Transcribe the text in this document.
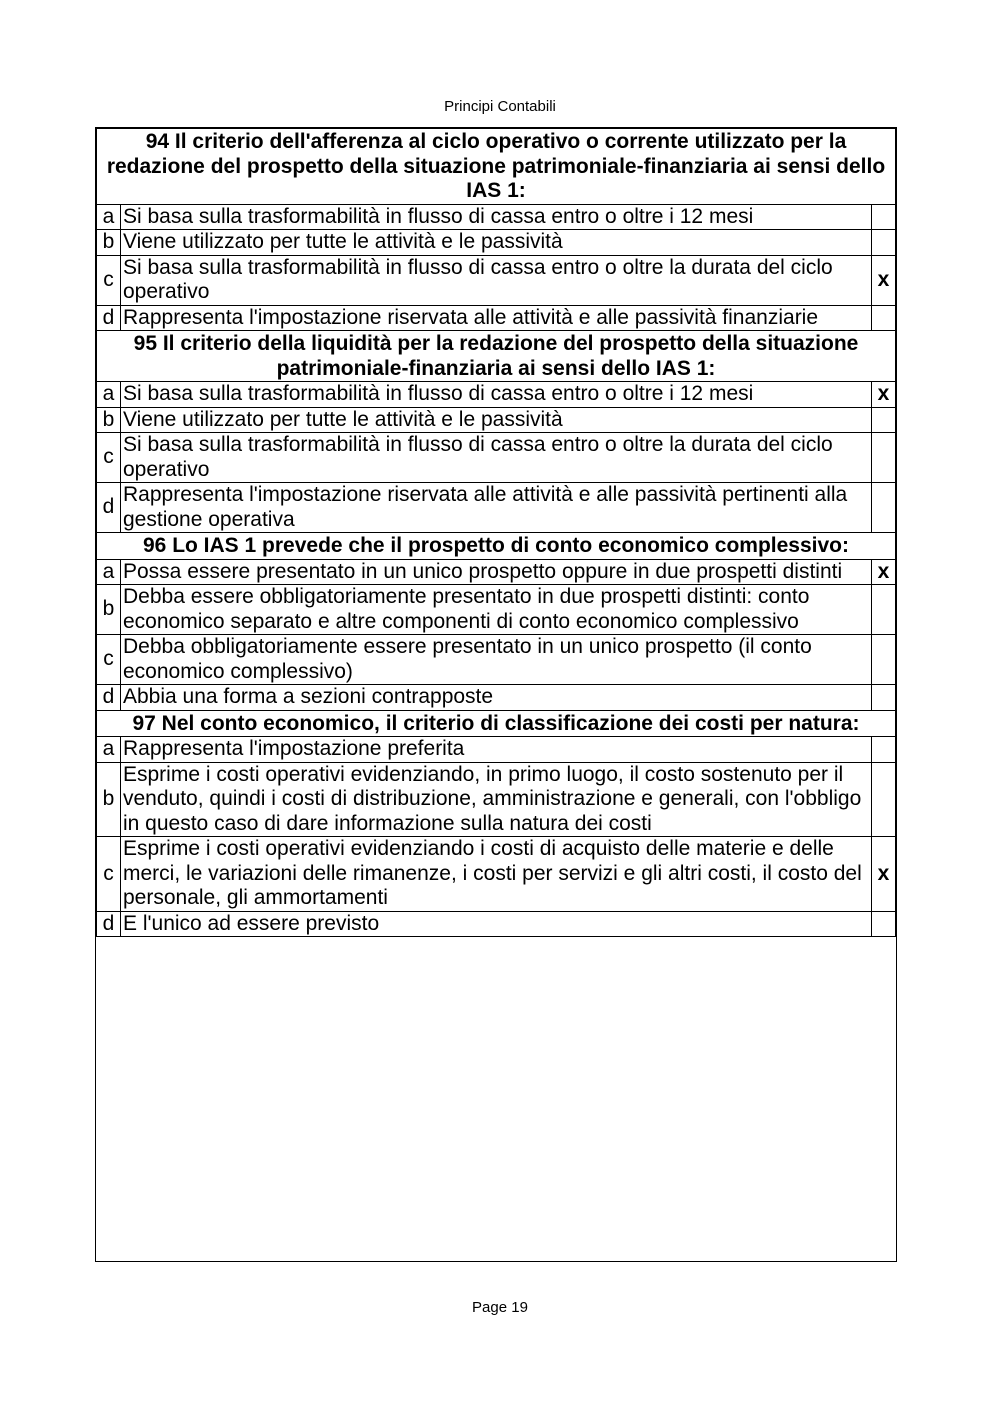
Principi Contabili
94 Il criterio dell'afferenza al ciclo operativo o corrente utilizzato per la redazione del prospetto della situazione patrimoniale-finanziaria ai sensi dello IAS 1:		
a	Si basa sulla trasformabilità in flusso di cassa entro o oltre i 12 mesi	
b	Viene utilizzato per tutte le attività e le passività	
c	Si basa sulla trasformabilità in flusso di cassa entro o oltre la durata del ciclo operativo	x
d	Rappresenta l'impostazione riservata alle attività e alle passività finanziarie	
95 Il criterio della liquidità per la redazione del prospetto della situazione patrimoniale-finanziaria ai sensi dello IAS 1:		
a	Si basa sulla trasformabilità in flusso di cassa entro o oltre i 12 mesi	x
b	Viene utilizzato per tutte le attività e le passività	
c	Si basa sulla trasformabilità in flusso di cassa entro o oltre la durata del ciclo operativo	
d	Rappresenta l'impostazione riservata alle attività e alle passività pertinenti alla gestione operativa	
96 Lo IAS 1 prevede che il prospetto di conto economico complessivo:		
a	Possa essere presentato in un unico prospetto oppure in due prospetti distinti	x
b	Debba essere obbligatoriamente presentato in due prospetti distinti: conto economico separato e altre componenti di conto economico complessivo	
c	Debba obbligatoriamente essere presentato in un unico prospetto (il conto economico complessivo)	
d	Abbia una forma a sezioni contrapposte	
97 Nel conto economico, il criterio di classificazione dei costi per natura:		
a	Rappresenta l'impostazione preferita	
b	Esprime i costi operativi evidenziando, in primo luogo, il costo sostenuto per il venduto, quindi i costi di distribuzione, amministrazione e generali, con l'obbligo in questo caso di dare informazione sulla natura dei costi	
c	Esprime i costi operativi evidenziando i costi di acquisto delle materie e delle merci, le variazioni delle rimanenze, i costi per servizi e gli altri costi, il costo del personale, gli ammortamenti	x
d	E l'unico ad essere previsto	
Page 19
